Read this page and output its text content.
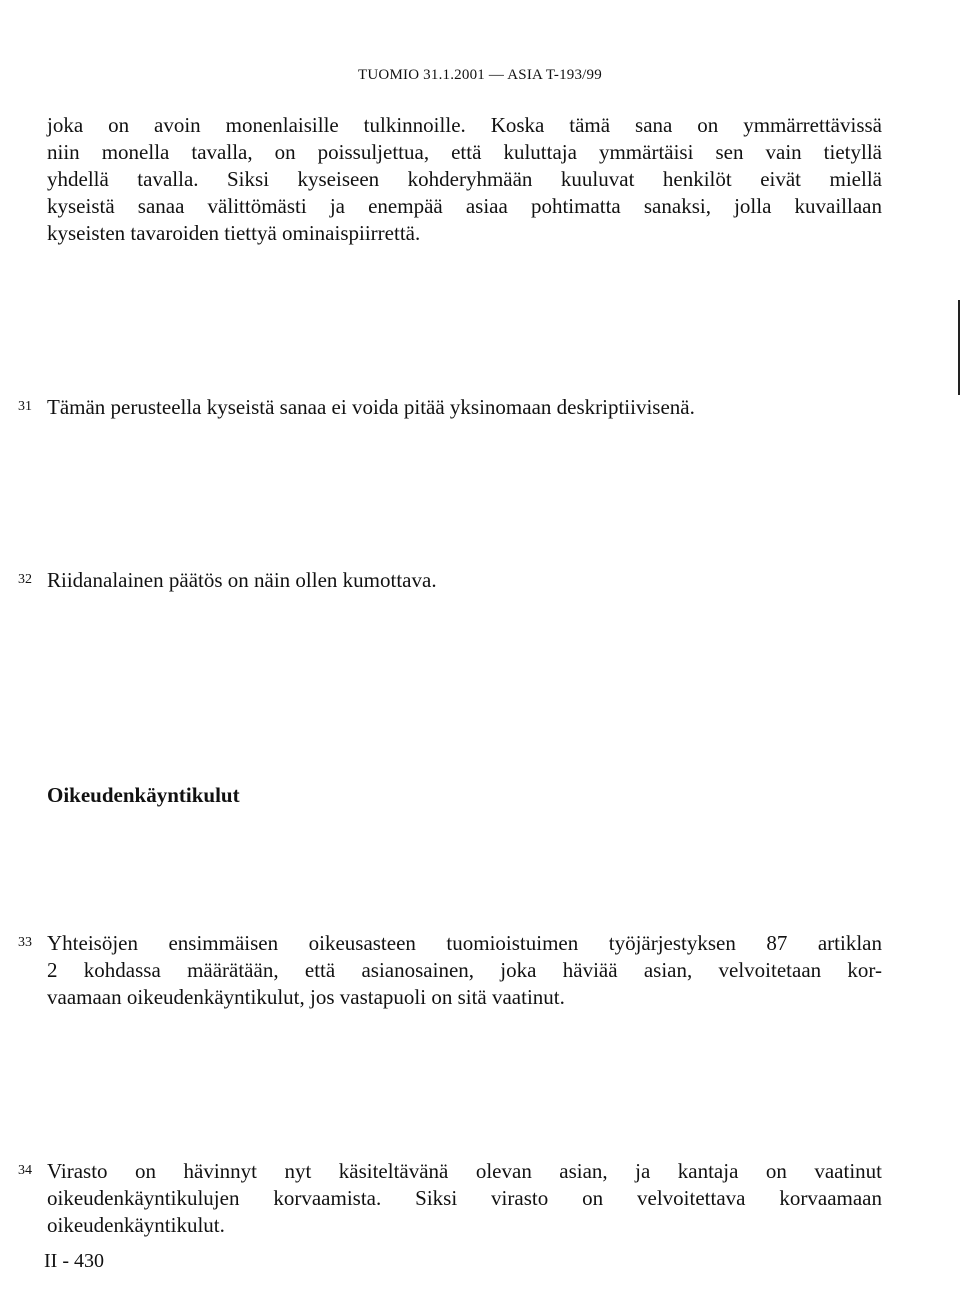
TUOMIO 31.1.2001 — ASIA T-193/99
joka on avoin monenlaisille tulkinnoille. Koska tämä sana on ymmärrettävissä
niin monella tavalla, on poissuljettua, että kuluttaja ymmärtäisi sen vain tietyllä
yhdellä tavalla. Siksi kyseiseen kohderyhmään kuuluvat henkilöt eivät miellä
kyseistä sanaa välittömästi ja enempää asiaa pohtimatta sanaksi, jolla kuvaillaan
kyseisten tavaroiden tiettyä ominaispiirrettä.
31 Tämän perusteella kyseistä sanaa ei voida pitää yksinomaan deskriptiivisenä.
32 Riidanalainen päätös on näin ollen kumottava.
Oikeudenkäyntikulut
33 Yhteisöjen ensimmäisen oikeusasteen tuomioistuimen työjärjestyksen 87 artiklan
2 kohdassa määrätään, että asianosainen, joka häviää asian, velvoitetaan kor-
vaamaan oikeudenkäyntikulut, jos vastapuoli on sitä vaatinut.
34 Virasto on hävinnyt nyt käsiteltävänä olevan asian, ja kantaja on vaatinut
oikeudenkäyntikulujen korvaamista. Siksi virasto on velvoitettava korvaamaan
oikeudenkäyntikulut.
II - 430
